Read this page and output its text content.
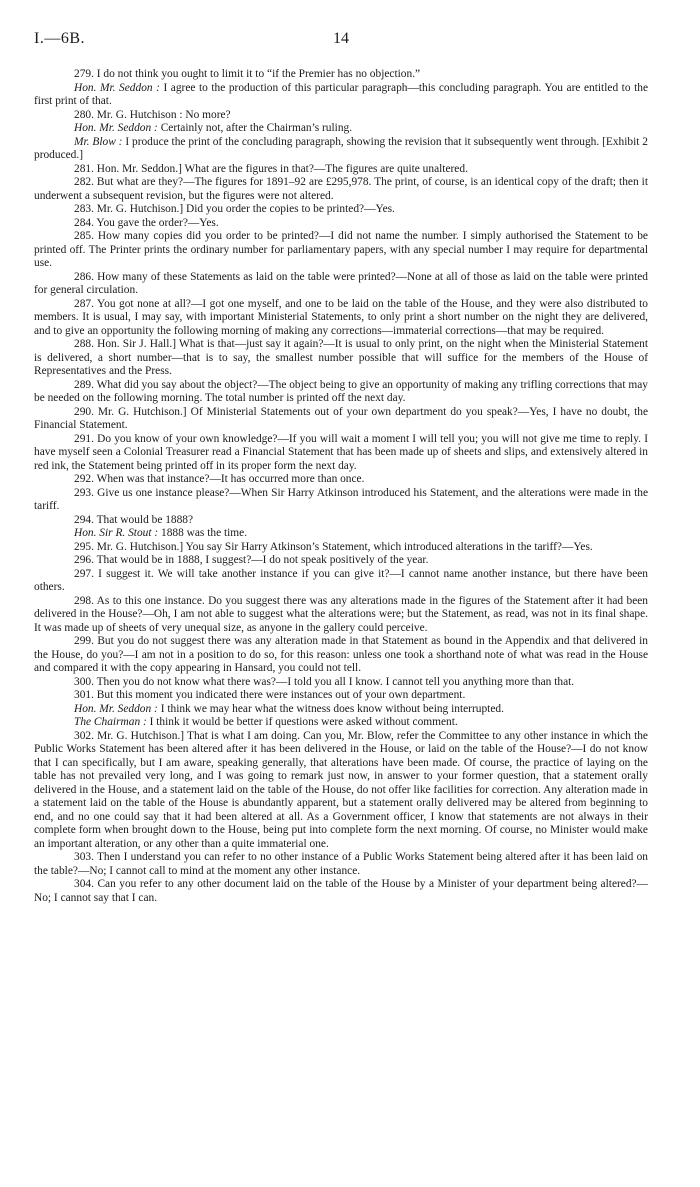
I.—6B.	14

279. I do not think you ought to limit it to “if the Premier has no objection.”

Hon. Mr. Seddon : I agree to the production of this particular paragraph—this concluding paragraph. You are entitled to the first print of that.

280. Mr. G. Hutchison : No more?

Hon. Mr. Seddon : Certainly not, after the Chairman’s ruling.

Mr. Blow : I produce the print of the concluding paragraph, showing the revision that it subsequently went through. [Exhibit 2 produced.]

281. Hon. Mr. Seddon.] What are the figures in that?—The figures are quite unaltered.

282. But what are they?—The figures for 1891–92 are £295,978. The print, of course, is an identical copy of the draft; then it underwent a subsequent revision, but the figures were not altered.

283. Mr. G. Hutchison.] Did you order the copies to be printed?—Yes.

284. You gave the order?—Yes.

285. How many copies did you order to be printed?—I did not name the number. I simply authorised the Statement to be printed off. The Printer prints the ordinary number for parliamentary papers, with any special number I may require for departmental use.

286. How many of these Statements as laid on the table were printed?—None at all of those as laid on the table were printed for general circulation.

287. You got none at all?—I got one myself, and one to be laid on the table of the House, and they were also distributed to members. It is usual, I may say, with important Ministerial Statements, to only print a short number on the night they are delivered, and to give an opportunity the following morning of making any corrections—immaterial corrections—that may be required.

288. Hon. Sir J. Hall.] What is that—just say it again?—It is usual to only print, on the night when the Ministerial Statement is delivered, a short number—that is to say, the smallest number possible that will suffice for the members of the House of Representatives and the Press.

289. What did you say about the object?—The object being to give an opportunity of making any trifling corrections that may be needed on the following morning. The total number is printed off the next day.

290. Mr. G. Hutchison.] Of Ministerial Statements out of your own department do you speak?—Yes, I have no doubt, the Financial Statement.

291. Do you know of your own knowledge?—If you will wait a moment I will tell you; you will not give me time to reply. I have myself seen a Colonial Treasurer read a Financial Statement that has been made up of sheets and slips, and extensively altered in red ink, the Statement being printed off in its proper form the next day.

292. When was that instance?—It has occurred more than once.

293. Give us one instance please?—When Sir Harry Atkinson introduced his Statement, and the alterations were made in the tariff.

294. That would be 1888?

Hon. Sir R. Stout : 1888 was the time.

295. Mr. G. Hutchison.] You say Sir Harry Atkinson’s Statement, which introduced alterations in the tariff?—Yes.

296. That would be in 1888, I suggest?—I do not speak positively of the year.

297. I suggest it. We will take another instance if you can give it?—I cannot name another instance, but there have been others.

298. As to this one instance. Do you suggest there was any alterations made in the figures of the Statement after it had been delivered in the House?—Oh, I am not able to suggest what the alterations were; but the Statement, as read, was not in its final shape. It was made up of sheets of very unequal size, as anyone in the gallery could perceive.

299. But you do not suggest there was any alteration made in that Statement as bound in the Appendix and that delivered in the House, do you?—I am not in a position to do so, for this reason: unless one took a shorthand note of what was read in the House and compared it with the copy appearing in Hansard, you could not tell.

300. Then you do not know what there was?—I told you all I know. I cannot tell you anything more than that.

301. But this moment you indicated there were instances out of your own department.

Hon. Mr. Seddon : I think we may hear what the witness does know without being interrupted.

The Chairman : I think it would be better if questions were asked without comment.

302. Mr. G. Hutchison.] That is what I am doing. Can you, Mr. Blow, refer the Committee to any other instance in which the Public Works Statement has been altered after it has been delivered in the House, or laid on the table of the House?—I do not know that I can specifically, but I am aware, speaking generally, that alterations have been made. Of course, the practice of laying on the table has not prevailed very long, and I was going to remark just now, in answer to your former question, that a statement orally delivered in the House, and a statement laid on the table of the House, do not offer like facilities for correction. Any alteration made in a statement laid on the table of the House is abundantly apparent, but a statement orally delivered may be altered from beginning to end, and no one could say that it had been altered at all. As a Government officer, I know that statements are not always in their complete form when brought down to the House, being put into complete form the next morning. Of course, no Minister would make an important alteration, or any other than a quite immaterial one.

303. Then I understand you can refer to no other instance of a Public Works Statement being altered after it has been laid on the table?—No; I cannot call to mind at the moment any other instance.

304. Can you refer to any other document laid on the table of the House by a Minister of your department being altered?—No; I cannot say that I can.
